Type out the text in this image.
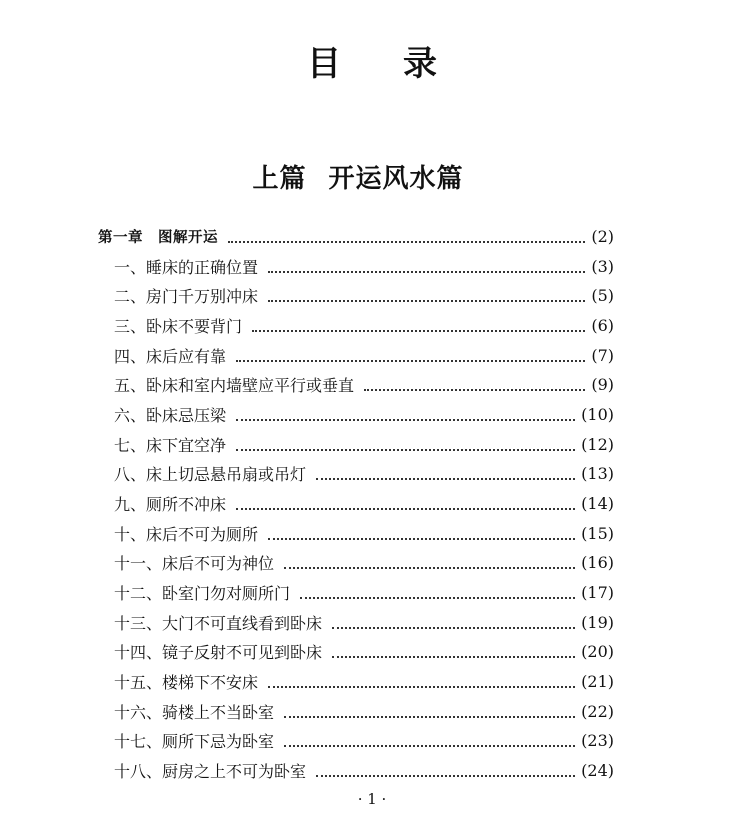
目 录
上篇 开运风水篇
第一章　图解开运	(2)
一、睡床的正确位置	(3)
二、房门千万别冲床	(5)
三、卧床不要背门	(6)
四、床后应有靠	(7)
五、卧床和室内墙壁应平行或垂直	(9)
六、卧床忌压梁	(10)
七、床下宜空净	(12)
八、床上切忌悬吊扇或吊灯	(13)
九、厕所不冲床	(14)
十、床后不可为厕所	(15)
十一、床后不可为神位	(16)
十二、卧室门勿对厕所门	(17)
十三、大门不可直线看到卧床	(19)
十四、镜子反射不可见到卧床	(20)
十五、楼梯下不安床	(21)
十六、骑楼上不当卧室	(22)
十七、厕所下忌为卧室	(23)
十八、厨房之上不可为卧室	(24)
· 1 ·
